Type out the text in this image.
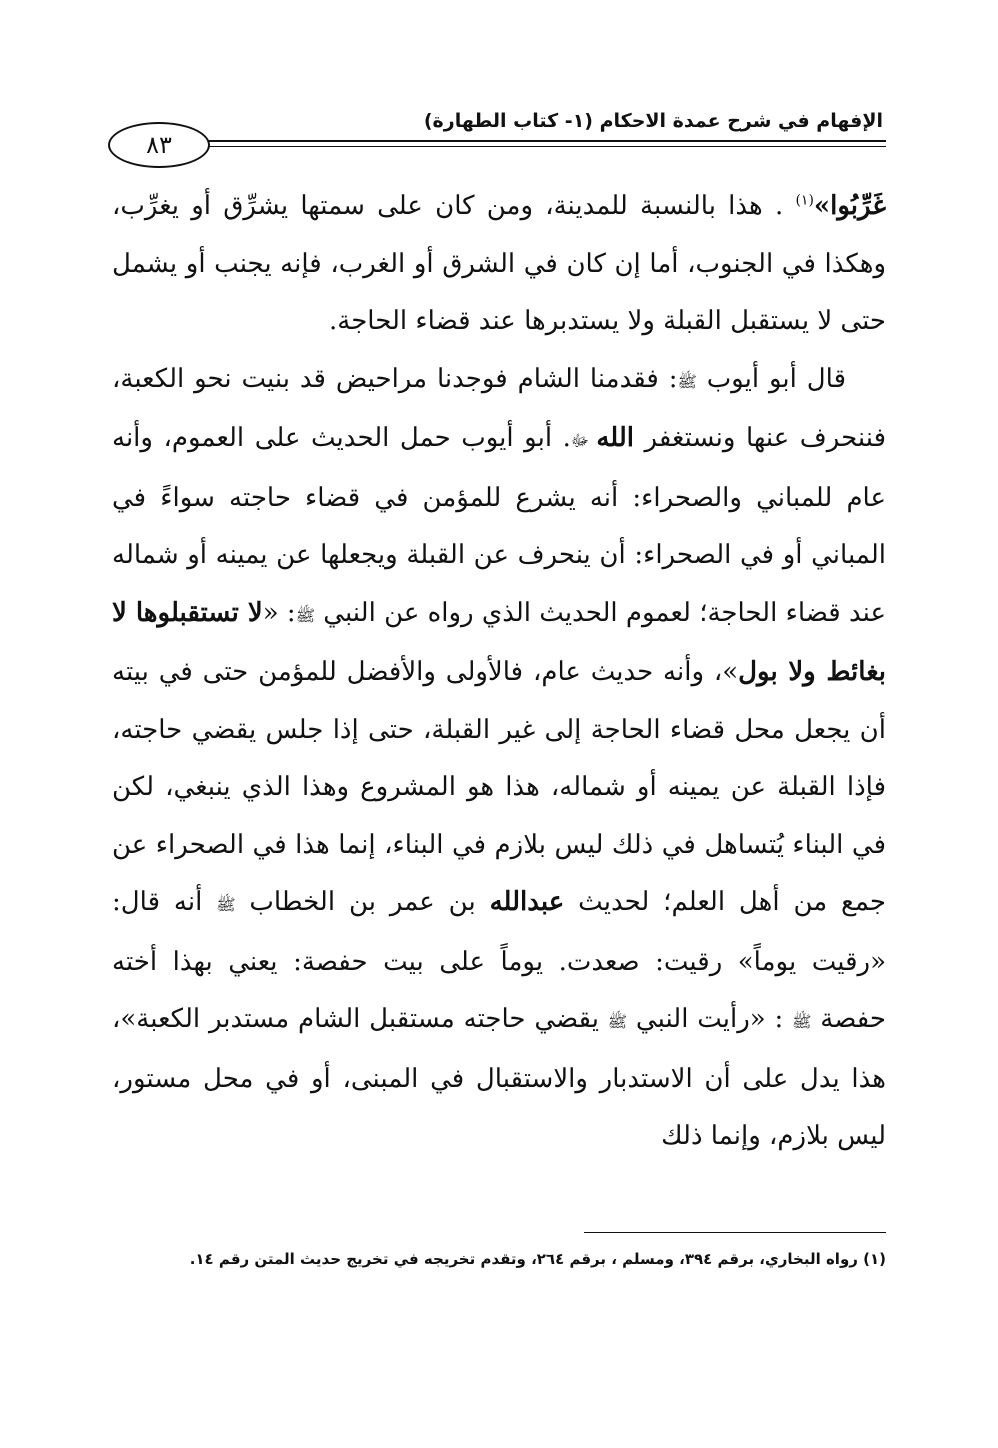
الإفهام في شرح عمدة الاحكام (١- كتاب الطهارة)
٨٣

غَرِّبُوا»$^{(١)}$ . هذا بالنسبة للمدينة، ومن كان على سمتها يشرِّق أو يغرِّب، وهكذا في الجنوب، أما إن كان في الشرق أو الغرب، فإنه يجنب أو يشمل حتى لا يستقبل القبلة ولا يستدبرها عند قضاء الحاجة.

قال أبو أيوب ﷺ: فقدمنا الشام فوجدنا مراحيض قد بنيت نحو الكعبة، فننحرف عنها ونستغفر الله ﷻ. أبو أيوب حمل الحديث على العموم، وأنه عام للمباني والصحراء: أنه يشرع للمؤمن في قضاء حاجته سواءً في المباني أو في الصحراء: أن ينحرف عن القبلة ويجعلها عن يمينه أو شماله عند قضاء الحاجة؛ لعموم الحديث الذي رواه عن النبي ﷺ: «لا تستقبلوها لا بغائط ولا بول»، وأنه حديث عام، فالأولى والأفضل للمؤمن حتى في بيته أن يجعل محل قضاء الحاجة إلى غير القبلة، حتى إذا جلس يقضي حاجته، فإذا القبلة عن يمينه أو شماله، هذا هو المشروع وهذا الذي ينبغي، لكن في البناء يُتساهل في ذلك ليس بلازم في البناء، إنما هذا في الصحراء عن جمع من أهل العلم؛ لحديث عبدالله بن عمر بن الخطاب ﷺ أنه قال: «رقيت يوماً» رقيت: صعدت. يوماً على بيت حفصة: يعني بهذا أخته حفصة ﷺ : «رأيت النبي ﷺ يقضي حاجته مستقبل الشام مستدبر الكعبة»، هذا يدل على أن الاستدبار والاستقبال في المبنى، أو في محل مستور، ليس بلازم، وإنما ذلك

(١) رواه البخاري، برقم ٣٩٤، ومسلم ، برقم ٢٦٤، وتقدم تخريجه في تخريج حديث المتن رقم ١٤.
